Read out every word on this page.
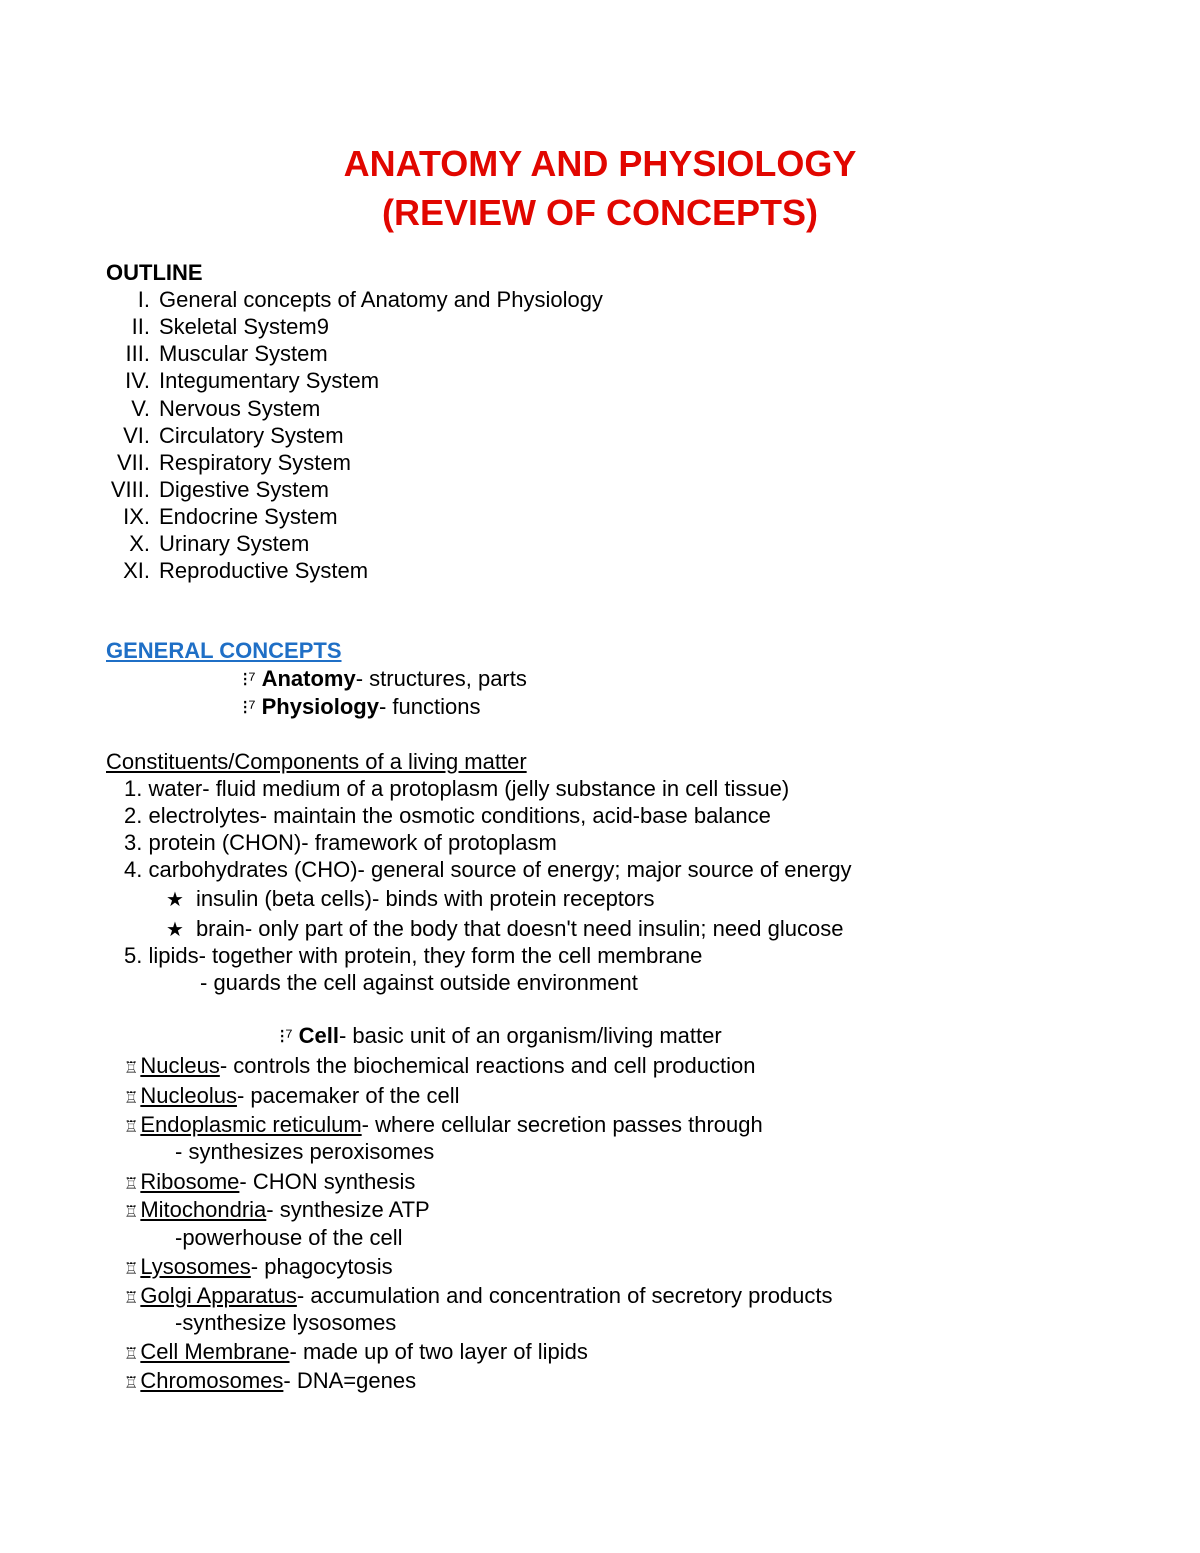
ANATOMY AND PHYSIOLOGY
(REVIEW OF CONCEPTS)
OUTLINE
I. General concepts of Anatomy and Physiology
II. Skeletal System9
III. Muscular System
IV. Integumentary System
V. Nervous System
VI. Circulatory System
VII. Respiratory System
VIII. Digestive System
IX. Endocrine System
X. Urinary System
XI. Reproductive System
GENERAL CONCEPTS
⁝⁷ Anatomy- structures, parts
⁝⁷ Physiology- functions
Constituents/Components of a living matter
1. water- fluid medium of a protoplasm (jelly substance in cell tissue)
2. electrolytes- maintain the osmotic conditions, acid-base balance
3. protein (CHON)- framework of protoplasm
4. carbohydrates (CHO)- general source of energy; major source of energy
★ insulin (beta cells)- binds with protein receptors
★ brain- only part of the body that doesn't need insulin; need glucose
5. lipids- together with protein, they form the cell membrane
- guards the cell against outside environment
⁝⁷ Cell- basic unit of an organism/living matter
♖Nucleus- controls the biochemical reactions and cell production
♖Nucleolus- pacemaker of the cell
♖Endoplasmic reticulum- where cellular secretion passes through
- synthesizes peroxisomes
♖Ribosome- CHON synthesis
♖Mitochondria- synthesize ATP
-powerhouse of the cell
♖Lysosomes- phagocytosis
♖Golgi Apparatus- accumulation and concentration of secretory products
-synthesize lysosomes
♖Cell Membrane- made up of two layer of lipids
♖Chromosomes- DNA=genes
